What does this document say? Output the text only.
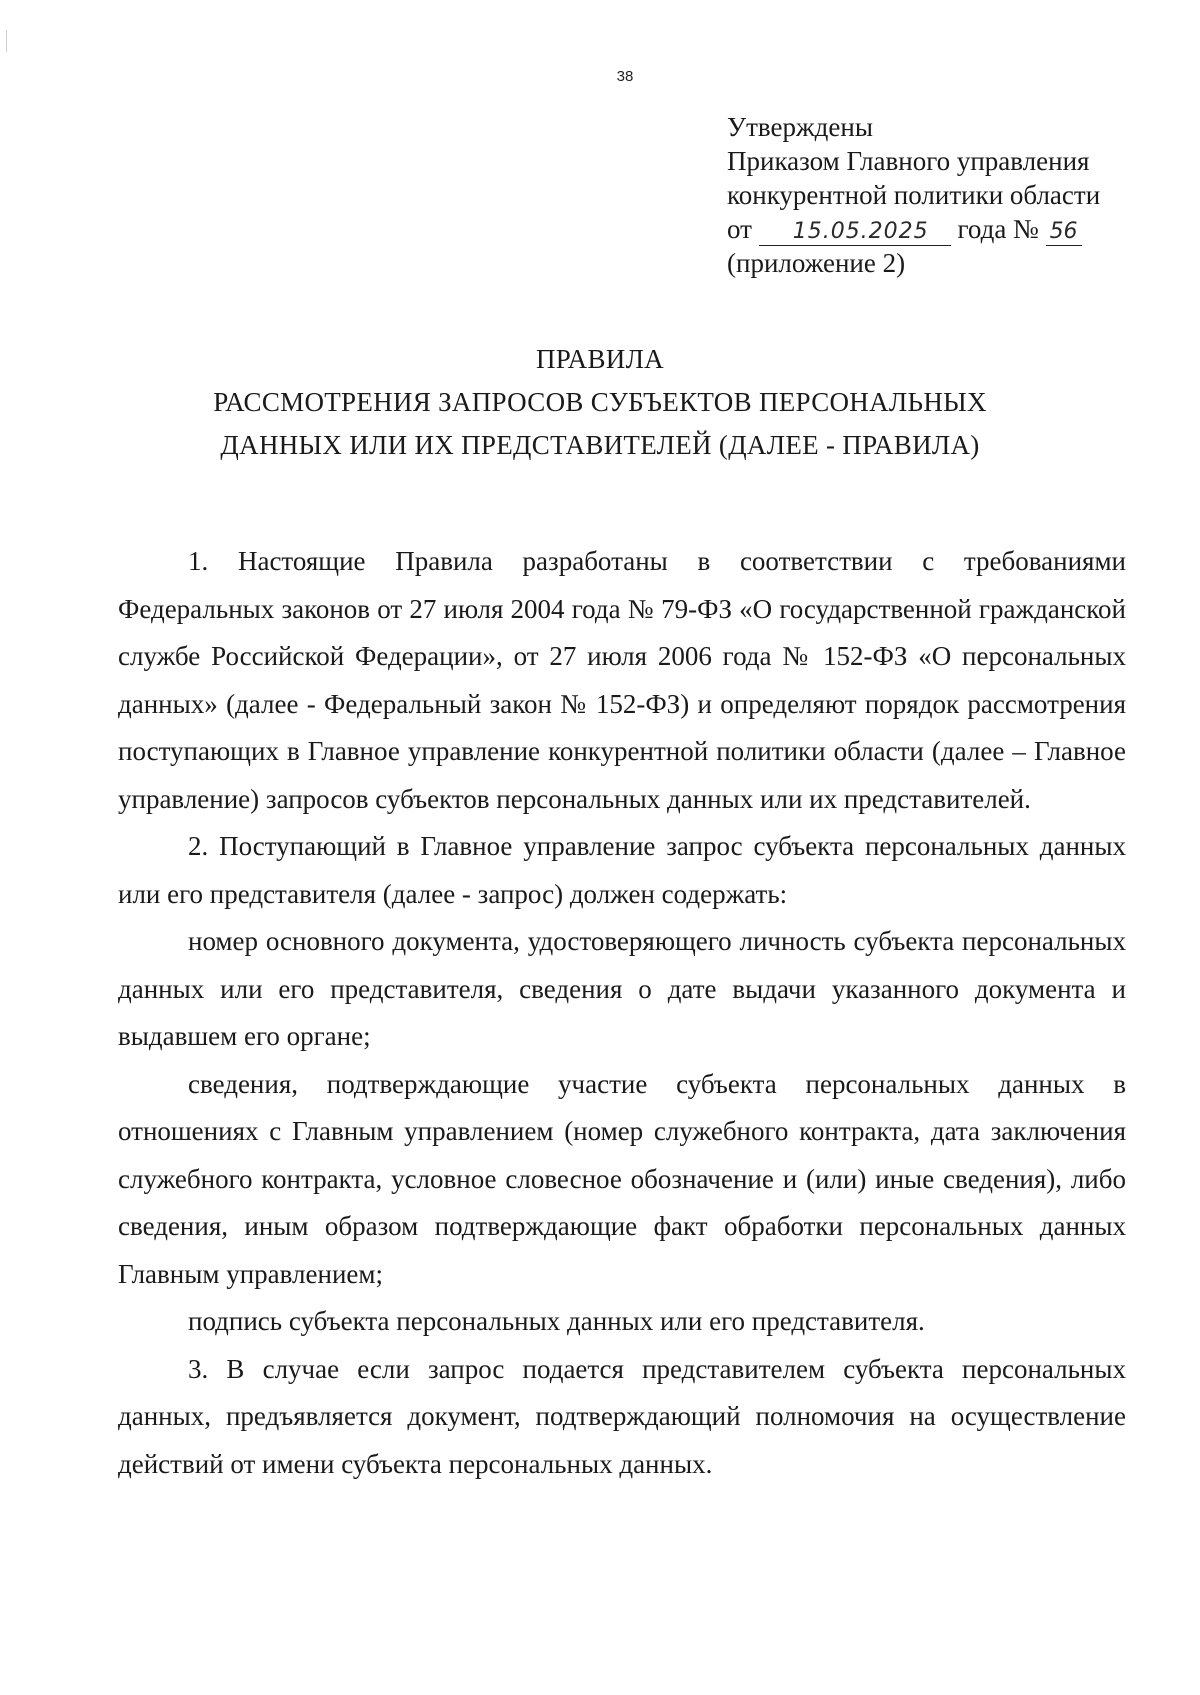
38
Утверждены
Приказом Главного управления
конкурентной политики области
от 15.05.2025 года № 56
(приложение 2)
ПРАВИЛА
РАССМОТРЕНИЯ ЗАПРОСОВ СУБЪЕКТОВ ПЕРСОНАЛЬНЫХ
ДАННЫХ ИЛИ ИХ ПРЕДСТАВИТЕЛЕЙ (ДАЛЕЕ - ПРАВИЛА)

1. Настоящие Правила разработаны в соответствии с требованиями Федеральных законов от 27 июля 2004 года № 79-ФЗ «О государственной гражданской службе Российской Федерации», от 27 июля 2006 года № 152-ФЗ «О персональных данных» (далее - Федеральный закон № 152-ФЗ) и определяют порядок рассмотрения поступающих в Главное управление конкурентной политики области (далее – Главное управление) запросов субъектов персональных данных или их представителей.

2. Поступающий в Главное управление запрос субъекта персональных данных или его представителя (далее - запрос) должен содержать:

номер основного документа, удостоверяющего личность субъекта персональных данных или его представителя, сведения о дате выдачи указанного документа и выдавшем его органе;

сведения, подтверждающие участие субъекта персональных данных в отношениях с Главным управлением (номер служебного контракта, дата заключения служебного контракта, условное словесное обозначение и (или) иные сведения), либо сведения, иным образом подтверждающие факт обработки персональных данных Главным управлением;

подпись субъекта персональных данных или его представителя.

3. В случае если запрос подается представителем субъекта персональных данных, предъявляется документ, подтверждающий полномочия на осуществление действий от имени субъекта персональных данных.
